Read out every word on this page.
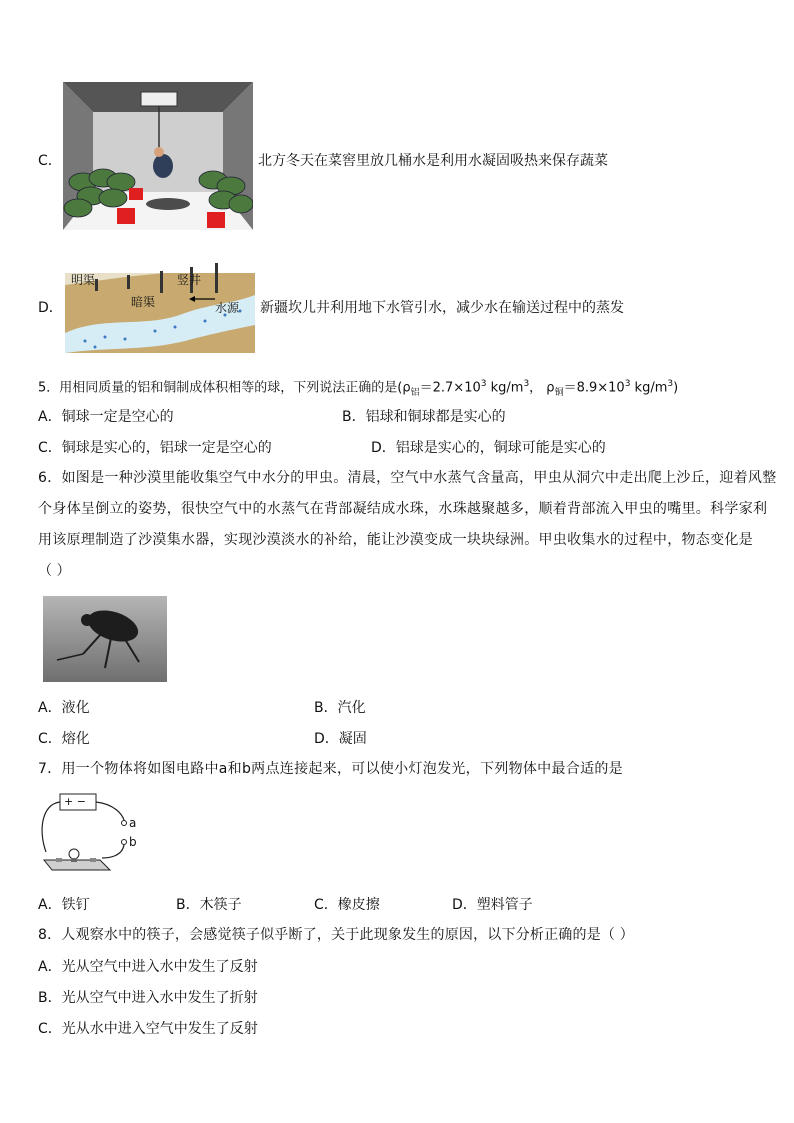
C．	北方冬天在菜窖里放几桶水是利用水凝固吸热来保存蔬菜
D．
明渠	竖井
暗渠	水源 新疆坎儿井利用地下水管引水，减少水在输送过程中的蒸发
5．用相同质量的铝和铜制成体积相等的球，下列说法正确的是($\rho_铝=2.7\times 10^3$ $kg/m^3$， $\rho_铜=8.9\times 10^3$ $kg/m^3$)
A．铜球一定是空心的	B．铝球和铜球都是实心的
C．铜球是实心的，铝球一定是空心的	D．铝球是实心的，铜球可能是实心的
6．如图是一种沙漠里能收集空气中水分的甲虫。清晨，空气中水蒸气含量高，甲虫从洞穴中走出爬上沙丘，迎着风整
个身体呈倒立的姿势，很快空气中的水蒸气在背部凝结成水珠，水珠越聚越多，顺着背部流入甲虫的嘴里。科学家利
用该原理制造了沙漠集水器，实现沙漠淡水的补给，能让沙漠变成一块块绿洲。甲虫收集水的过程中，物态变化是
（ ）
A．液化	B．汽化
C．熔化	D．凝固
7．用一个物体将如图电路中a和b两点连接起来，可以使小灯泡发光，下列物体中最合适的是
+ −
a
b
A．铁钉	B．木筷子	C．橡皮擦	D．塑料管子
8．人观察水中的筷子，会感觉筷子似乎断了，关于此现象发生的原因，以下分析正确的是（ ）
A．光从空气中进入水中发生了反射
B．光从空气中进入水中发生了折射
C．光从水中进入空气中发生了反射
